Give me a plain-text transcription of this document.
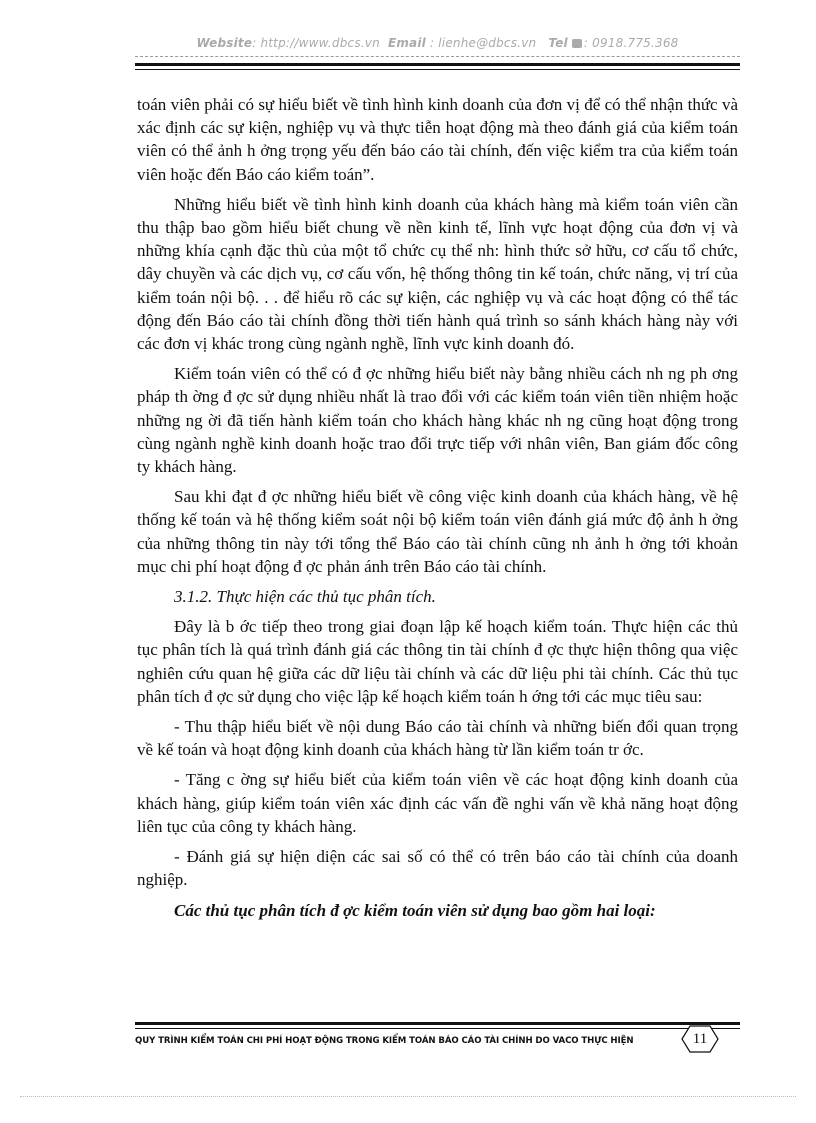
Website: http://www.dbcs.vn Email : lienhe@dbcs.vn Tel : 0918.775.368

toán viên phải có sự hiểu biết về tình hình kinh doanh của đơn vị để có thể nhận thức và xác định các sự kiện, nghiệp vụ và thực tiễn hoạt động mà theo đánh giá của kiểm toán viên có thể ảnh h ởng trọng yếu đến báo cáo tài chính, đến việc kiểm tra của kiểm toán viên hoặc đến Báo cáo kiểm toán”.

Những hiểu biết về tình hình kinh doanh của khách hàng mà kiểm toán viên cần thu thập bao gồm hiểu biết chung về nền kinh tế, lĩnh vực hoạt động của đơn vị và những khía cạnh đặc thù của một tổ chức cụ thể nh: hình thức sở hữu, cơ cấu tổ chức, dây chuyền và các dịch vụ, cơ cấu vốn, hệ thống thông tin kế toán, chức năng, vị trí của kiểm toán nội bộ. . . để hiểu rõ các sự kiện, các nghiệp vụ và các hoạt động có thể tác động đến Báo cáo tài chính đồng thời tiến hành quá trình so sánh khách hàng này với các đơn vị khác trong cùng ngành nghề, lĩnh vực kinh doanh đó.

Kiểm toán viên có thể có đ ợc những hiểu biết này bằng nhiều cách nh ng ph ơng pháp th ờng đ ợc sử dụng nhiều nhất là trao đổi với các kiểm toán viên tiền nhiệm hoặc những ng ời đã tiến hành kiểm toán cho khách hàng khác nh ng cũng hoạt động trong cùng ngành nghề kinh doanh hoặc trao đổi trực tiếp với nhân viên, Ban giám đốc công ty khách hàng.

Sau khi đạt đ ợc những hiểu biết về công việc kinh doanh của khách hàng, về hệ thống kế toán và hệ thống kiểm soát nội bộ kiểm toán viên đánh giá mức độ ảnh h ởng của những thông tin này tới tổng thể Báo cáo tài chính cũng nh ảnh h ởng tới khoản mục chi phí hoạt động đ ợc phản ánh trên Báo cáo tài chính.

3.1.2. Thực hiện các thủ tục phân tích.

Đây là b ớc tiếp theo trong giai đoạn lập kế hoạch kiểm toán. Thực hiện các thủ tục phân tích là quá trình đánh giá các thông tin tài chính đ ợc thực hiện thông qua việc nghiên cứu quan hệ giữa các dữ liệu tài chính và các dữ liệu phi tài chính. Các thủ tục phân tích đ ợc sử dụng cho việc lập kế hoạch kiểm toán h ớng tới các mục tiêu sau:

- Thu thập hiểu biết về nội dung Báo cáo tài chính và những biến đổi quan trọng về kế toán và hoạt động kinh doanh của khách hàng từ lần kiểm toán tr ớc.

- Tăng c ờng sự hiểu biết của kiểm toán viên về các hoạt động kinh doanh của khách hàng, giúp kiểm toán viên xác định các vấn đề nghi vấn về khả năng hoạt động liên tục của công ty khách hàng.

- Đánh giá sự hiện diện các sai số có thể có trên báo cáo tài chính của doanh nghiệp.

Các thủ tục phân tích đ ợc kiểm toán viên sử dụng bao gồm hai loại:

QUY TRÌNH KIỂM TOÁN CHI PHÍ HOẠT ĐỘNG TRONG KIỂM TOÁN BÁO CÁO TÀI CHÍNH DO VACO THỰC HIỆN	11
